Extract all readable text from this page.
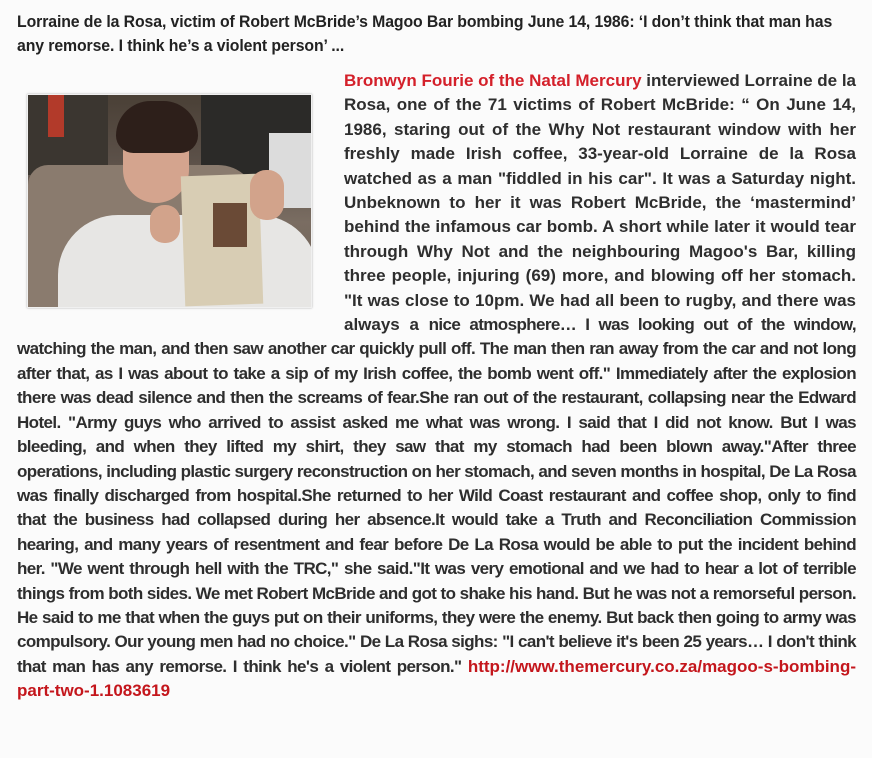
Lorraine de la Rosa, victim of Robert McBride’s Magoo Bar bombing June 14, 1986: ‘I don’t think that man has any remorse. I think he’s a violent person’ ...
Bronwyn Fourie of the Natal Mercury interviewed Lorraine de la Rosa, one of the 71 victims of Robert McBride: “ On June 14, 1986, staring out of the Why Not restaurant window with her freshly made Irish coffee, 33-year-old Lorraine de la Rosa watched as a man "fiddled in his car". It was a Saturday night. Unbeknown to her it was Robert McBride, the ‘mastermind’ behind the infamous car bomb. A short while later it would tear through Why Not and the neighbouring Magoo's Bar, killing three people, injuring (69) more, and blowing off her stomach. "It was close to 10pm. We had all been to rugby, and there was always a nice atmosphere… I was looking out of the window, watching the man, and then saw another car quickly pull off. The man then ran away from the car and not long after that, as I was about to take a sip of my Irish coffee, the bomb went off." Immediately after the explosion there was dead silence and then the screams of fear.She ran out of the restaurant, collapsing near the Edward Hotel. "Army guys who arrived to assist asked me what was wrong. I said that I did not know. But I was bleeding, and when they lifted my shirt, they saw that my stomach had been blown away."After three operations, including plastic surgery reconstruction on her stomach, and seven months in hospital, De La Rosa was finally discharged from hospital.She returned to her Wild Coast restaurant and coffee shop, only to find that the business had collapsed during her absence.It would take a Truth and Reconciliation Commission hearing, and many years of resentment and fear before De La Rosa would be able to put the incident behind her. "We went through hell with the TRC," she said."It was very emotional and we had to hear a lot of terrible things from both sides. We met Robert McBride and got to shake his hand. But he was not a remorseful person. He said to me that when the guys put on their uniforms, they were the enemy. But back then going to army was compulsory. Our young men had no choice." De La Rosa sighs: "I can't believe it's been 25 years… I don't think that man has any remorse. I think he's a violent person." http://www.themercury.co.za/magoo-s-bombing-part-two-1.1083619
